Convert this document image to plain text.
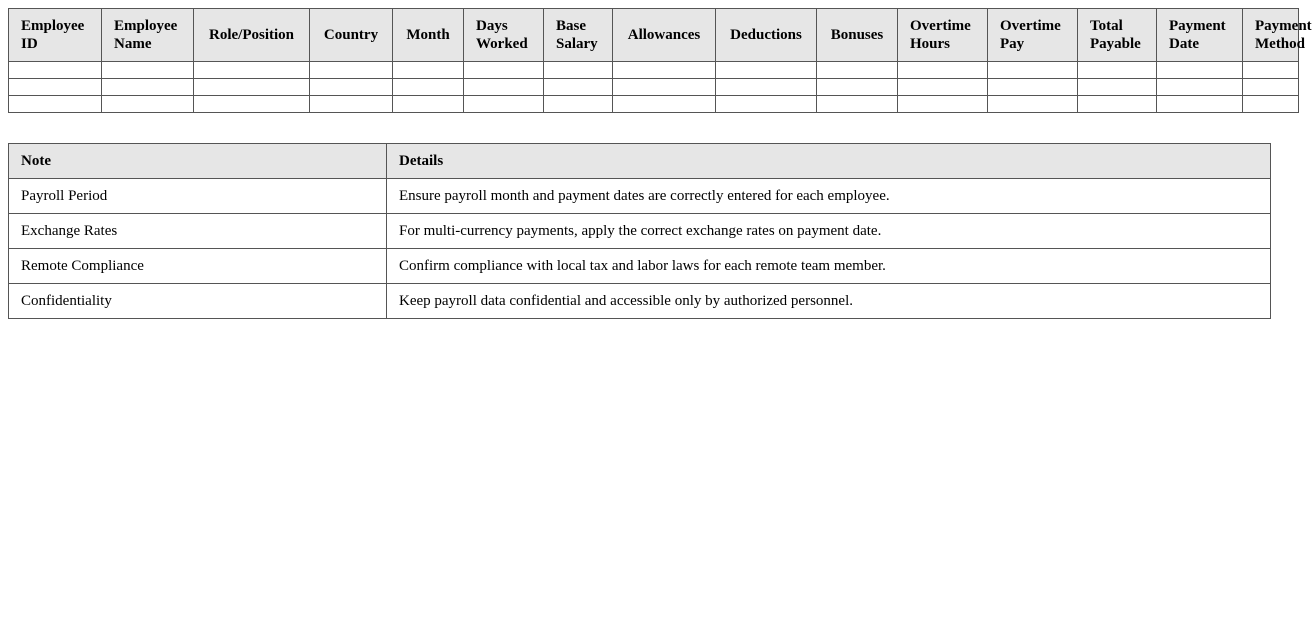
Employee ID	Employee Name	Role/Position	Country	Month	Days Worked	Base Salary	Allowances	Deductions	Bonuses	Overtime Hours	Overtime Pay	Total Payable	Payment Date	Payment Method

Note	Details
Payroll Period	Ensure payroll month and payment dates are correctly entered for each employee.
Exchange Rates	For multi-currency payments, apply the correct exchange rates on payment date.
Remote Compliance	Confirm compliance with local tax and labor laws for each remote team member.
Confidentiality	Keep payroll data confidential and accessible only by authorized personnel.
